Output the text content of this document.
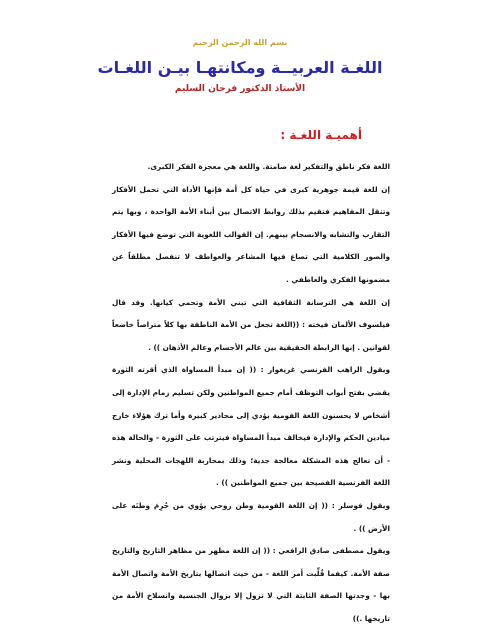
بسم الله الرحمن الرحيم
اللغـة العربيــة ومكانتهـا بيـن اللغـات
الأستاذ الدكتور فرحان السليم
أهميـة اللغـة :

اللغة فكر ناطق والتفكير لغة صامتة. واللغة هي معجزة الفكر الكبرى.

إن للغة قيمة جوهرية كبرى في حياة كل أمة فإنها الأداة التي تحمل الأفكار وتنقل المفاهيم فتقيم بذلك روابط الاتصال بين أبناء الأمة الواحدة ، وبها يتم التقارب والتشابه والانسجام بينهم. إن القوالب اللغوية التي توضع فيها الأفكار والصور الكلامية التي تصاغ فيها المشاعر والعواطف لا تنفصل مطلقاً عن مضمونها الفكري والعاطفي .

إن اللغة هي الترسانة الثقافية التي تبني الأمة وتحمي كيانها. وقد قال فيلسوف الألمان فيخته : ((اللغة تجعل من الأمة الناطقة بها كلاً متراصاً خاضعاً لقوانين . إنها الرابطة الحقيقية بين عالم الأجسام وعالم الأذهان )) .

ويقول الراهب الفرنسي غريغوار : (( إن مبدأ المساواة الذي أقرته الثورة يقضي بفتح أبواب التوظف أمام جميع المواطنين ولكن تسليم زمام الإدارة إلى أشخاص لا يحسنون اللغة القومية يؤدي إلى محاذير كبيرة وأما ترك هؤلاء خارج ميادين الحكم والإدارة فيخالف مبدأ المساواة فيترتب على الثورة - والحالة هذه - أن تعالج هذه المشكلة معالجة جدية؛ وذلك بمحاربة اللهجات المحلية ونشر اللغة الفرنسية الفصيحة بين جميع المواطنين )) .

ويقول فوسلر : (( إن اللغة القومية وطن روحي يؤوي من حُرِمَ وطنَه على الأرض )) .

ويقول مصطفى صادق الرافعي : (( إن اللغة مظهر من مظاهر التاريخ والتاريخ صفة الأمة. كيفما قُلِّبت أمر اللغة - من حيث اتصالها بتاريخ الأمة واتصال الأمة بها - وجدتها الصفة الثابتة التي لا تزول إلا بزوال الجنسية وانسلاخ الأمة من تاريخها .))
